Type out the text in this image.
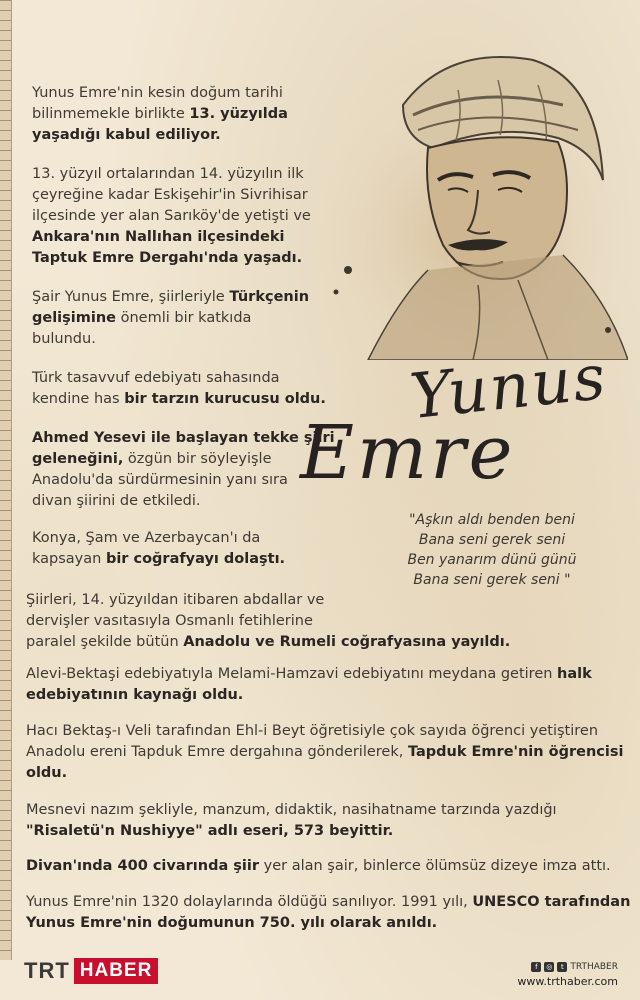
Yunus
Emre
Yunus Emre'nin kesin doğum tarihi
bilinmemekle birlikte 13. yüzyılda
yaşadığı kabul ediliyor.
13. yüzyıl ortalarından 14. yüzyılın ilk
çeyreğine kadar Eskişehir'in Sivrihisar
ilçesinde yer alan Sarıköy'de yetişti ve
Ankara'nın Nallıhan ilçesindeki
Taptuk Emre Dergahı'nda yaşadı.
Şair Yunus Emre, şiirleriyle Türkçenin
gelişimine önemli bir katkıda
bulundu.
Türk tasavvuf edebiyatı sahasında
kendine has bir tarzın kurucusu oldu.
Ahmed Yesevi ile başlayan tekke şiiri
geleneğini, özgün bir söyleyişle
Anadolu'da sürdürmesinin yanı sıra
divan şiirini de etkiledi.
Konya, Şam ve Azerbaycan'ı da
kapsayan bir coğrafyayı dolaştı.
Şiirleri, 14. yüzyıldan itibaren abdallar ve
dervişler vasıtasıyla Osmanlı fetihlerine
paralel şekilde bütün Anadolu ve Rumeli coğrafyasına yayıldı.
Alevi-Bektaşi edebiyatıyla Melami-Hamzavi edebiyatını meydana getiren halk
edebiyatının kaynağı oldu.
Hacı Bektaş-ı Veli tarafından Ehl-i Beyt öğretisiyle çok sayıda öğrenci yetiştiren
Anadolu ereni Tapduk Emre dergahına gönderilerek, Tapduk Emre'nin öğrencisi
oldu.
Mesnevi nazım şekliyle, manzum, didaktik, nasihatname tarzında yazdığı
"Risaletü'n Nushiyye" adlı eseri, 573 beyittir.
Divan'ında 400 civarında şiir yer alan şair, binlerce ölümsüz dizeye imza attı.
Yunus Emre'nin 1320 dolaylarında öldüğü sanılıyor. 1991 yılı, UNESCO tarafından
Yunus Emre'nin doğumunun 750. yılı olarak anıldı.
"Aşkın aldı benden beni
Bana seni gerek seni
Ben yanarım dünü günü
Bana seni gerek seni "
TRT HABER	f	◎	t TRTHABER
www.trthaber.com
